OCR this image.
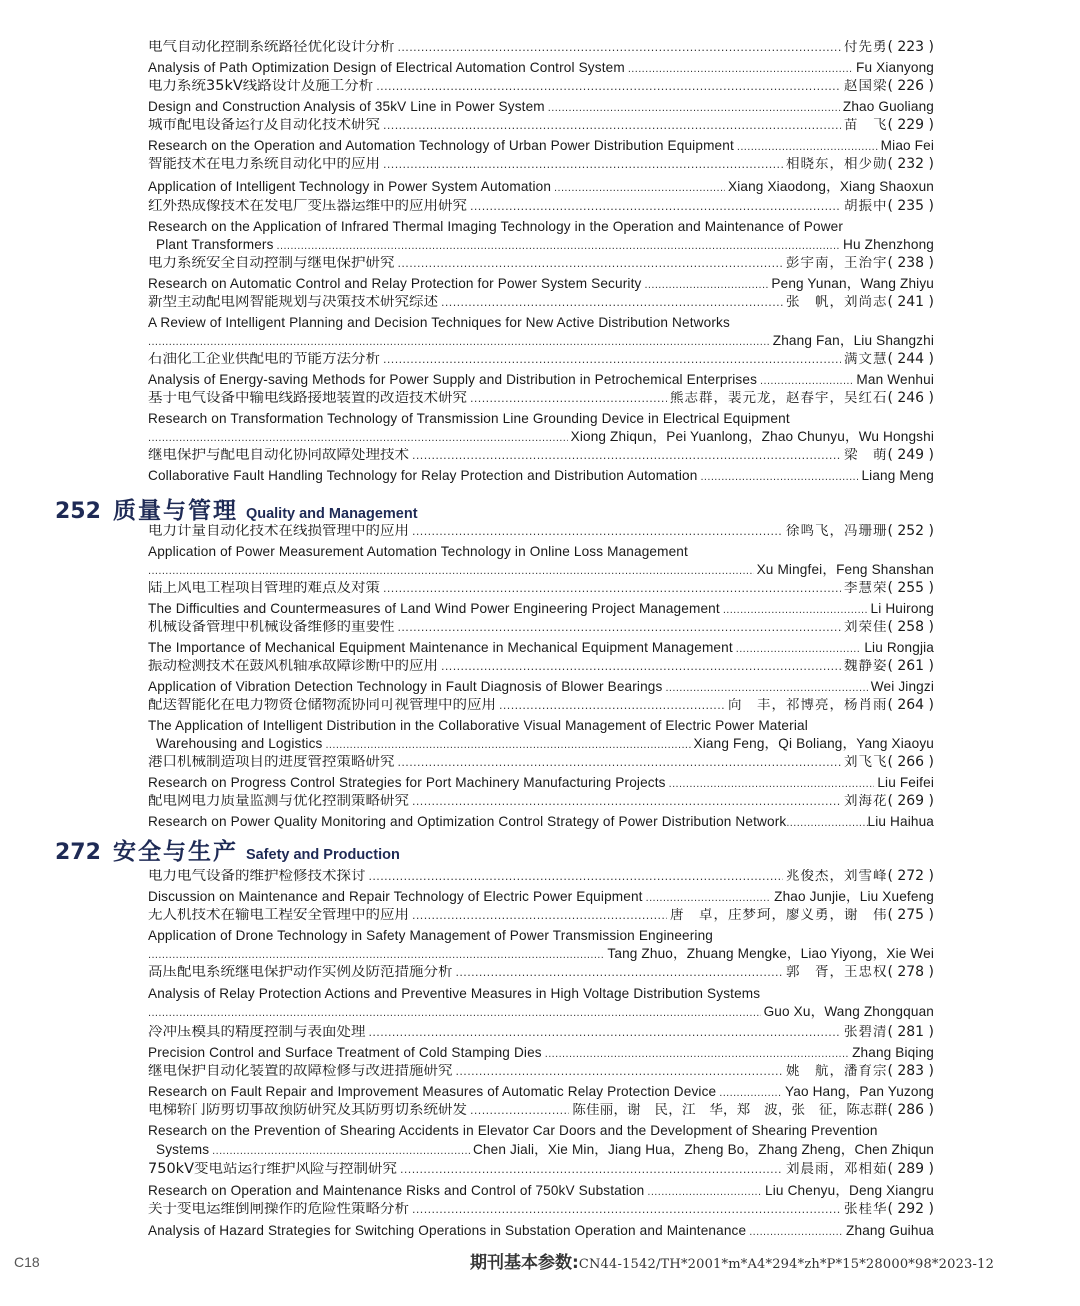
电气自动化控制系统路径优化设计分析 .....	付先勇 ( 223 )
Analysis of Path Optimization Design of Electrical Automation Control System .....	Fu Xianyong
电力系统35kV线路设计及施工分析 .....	赵国梁 ( 226 )
Design and Construction Analysis of 35kV Line in Power System .....	Zhao Guoliang
城市配电设备运行及自动化技术研究 .....	苗　飞 ( 229 )
Research on the Operation and Automation Technology of Urban Power Distribution Equipment .....	Miao Fei
智能技术在电力系统自动化中的应用 .....	相晓东，相少勋 ( 232 )
Application of Intelligent Technology in Power System Automation .....	Xiang Xiaodong，Xiang Shaoxun
红外热成像技术在发电厂变压器运维中的应用研究 .....	胡振中 ( 235 )
Research on the Application of Infrared Thermal Imaging Technology in the Operation and Maintenance of Power
Plant Transformers .....	Hu Zhenzhong
电力系统安全自动控制与继电保护研究 .....	彭宇南，王治宇 ( 238 )
Research on Automatic Control and Relay Protection for Power System Security .....	Peng Yunan，Wang Zhiyu
新型主动配电网智能规划与决策技术研究综述 .....	张　帆，刘尚志 ( 241 )
A Review of Intelligent Planning and Decision Techniques for New Active Distribution Networks
.....
Zhang Fan，Liu Shangzhi
石油化工企业供配电的节能方法分析 .....	满文慧 ( 244 )
Analysis of Energy-saving Methods for Power Supply and Distribution in Petrochemical Enterprises .....	Man Wenhui
基于电气设备中输电线路接地装置的改造技术研究 .....	熊志群，裴元龙，赵春宇，吴红石 ( 246 )
Research on Transformation Technology of Transmission Line Grounding Device in Electrical Equipment
.....
Xiong Zhiqun，Pei Yuanlong，Zhao Chunyu，Wu Hongshi
继电保护与配电自动化协同故障处理技术 .....	梁　萌 ( 249 )
Collaborative Fault Handling Technology for Relay Protection and Distribution Automation .....	Liang Meng
252 质量与管理 Quality and Management
电力计量自动化技术在线损管理中的应用 .....	徐鸣飞，冯珊珊 ( 252 )
Application of Power Measurement Automation Technology in Online Loss Management
.....
Xu Mingfei，Feng Shanshan
陆上风电工程项目管理的难点及对策 .....	李慧荣 ( 255 )
The Difficulties and Countermeasures of Land Wind Power Engineering Project Management .....	Li Huirong
机械设备管理中机械设备维修的重要性 .....	刘荣佳 ( 258 )
The Importance of Mechanical Equipment Maintenance in Mechanical Equipment Management .....	Liu Rongjia
振动检测技术在鼓风机轴承故障诊断中的应用 .....	魏静姿 ( 261 )
Application of Vibration Detection Technology in Fault Diagnosis of Blower Bearings .....	Wei Jingzi
配送智能化在电力物资仓储物流协同可视管理中的应用 .....	向　丰，祁博亮，杨肖雨 ( 264 )
The Application of Intelligent Distribution in the Collaborative Visual Management of Electric Power Material
Warehousing and Logistics .....	Xiang Feng，Qi Boliang，Yang Xiaoyu
港口机械制造项目的进度管控策略研究 .....	刘飞飞 ( 266 )
Research on Progress Control Strategies for Port Machinery Manufacturing Projects .....	Liu Feifei
配电网电力质量监测与优化控制策略研究 .....	刘海花 ( 269 )
Research on Power Quality Monitoring and Optimization Control Strategy of Power Distribution Network .....	Liu Haihua
272 安全与生产 Safety and Production
电力电气设备的维护检修技术探讨 .....	兆俊杰，刘雪峰 ( 272 )
Discussion on Maintenance and Repair Technology of Electric Power Equipment .....	Zhao Junjie，Liu Xuefeng
无人机技术在输电工程安全管理中的应用 .....	唐　卓，庄梦珂，廖义勇，谢　伟 ( 275 )
Application of Drone Technology in Safety Management of Power Transmission Engineering
.....
Tang Zhuo，Zhuang Mengke，Liao Yiyong，Xie Wei
高压配电系统继电保护动作实例及防范措施分析 .....	郭　胥，王忠权 ( 278 )
Analysis of Relay Protection Actions and Preventive Measures in High Voltage Distribution Systems
.....
Guo Xu，Wang Zhongquan
冷冲压模具的精度控制与表面处理 .....	张碧清 ( 281 )
Precision Control and Surface Treatment of Cold Stamping Dies .....	Zhang Biqing
继电保护自动化装置的故障检修与改进措施研究 .....	姚　航，潘育宗 ( 283 )
Research on Fault Repair and Improvement Measures of Automatic Relay Protection Device .....	Yao Hang，Pan Yuzong
电梯轿门防剪切事故预防研究及其防剪切系统研发 .....	陈佳丽，谢　民，江　华，郑　波，张　征，陈志群 ( 286 )
Research on the Prevention of Shearing Accidents in Elevator Car Doors and the Development of Shearing Prevention
Systems .....	Chen Jiali，Xie Min，Jiang Hua，Zheng Bo，Zhang Zheng，Chen Zhiqun
750kV变电站运行维护风险与控制研究 .....	刘晨雨，邓相茹 ( 289 )
Research on Operation and Maintenance Risks and Control of 750kV Substation .....	Liu Chenyu，Deng Xiangru
关于变电运维倒闸操作的危险性策略分析 .....	张桂华 ( 292 )
Analysis of Hazard Strategies for Switching Operations in Substation Operation and Maintenance .....	Zhang Guihua
C18	期刊基本参数: CN44-1542/TH*2001*m*A4*294*zh*P*15*28000*98*2023-12
